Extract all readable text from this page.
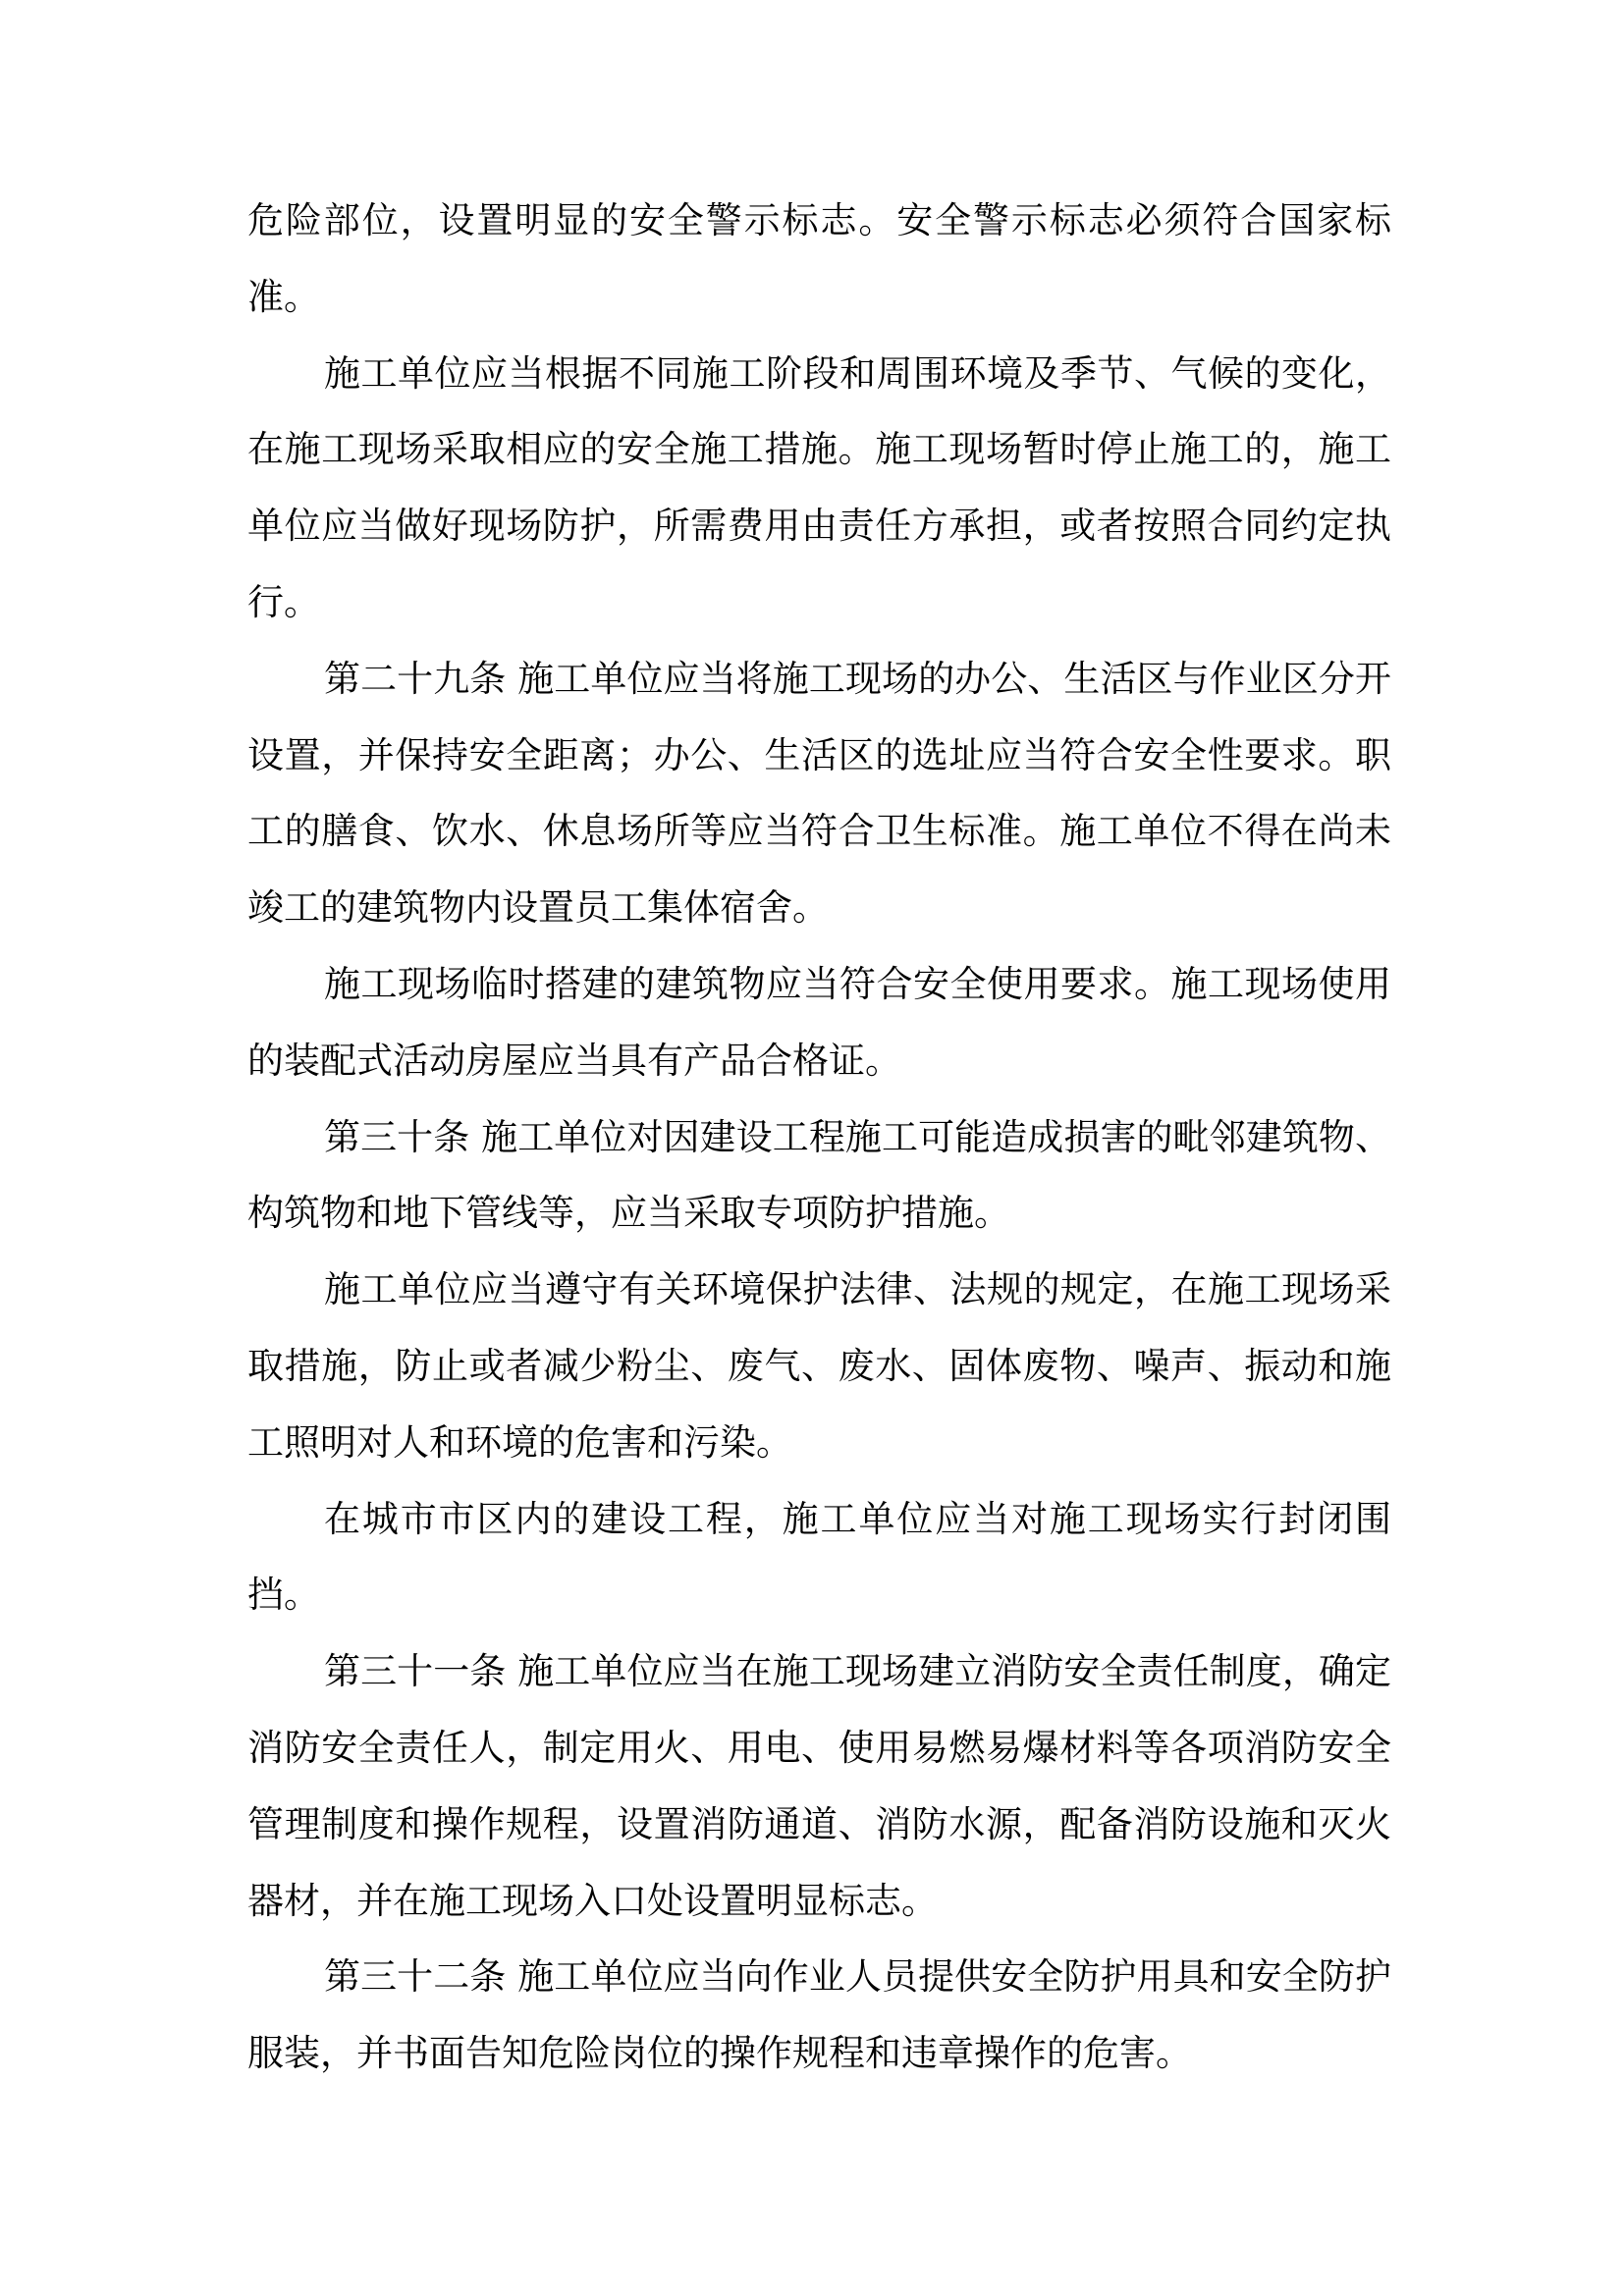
危险部位，设置明显的安全警示标志。安全警示标志必须符合国家标准。

施工单位应当根据不同施工阶段和周围环境及季节、气候的变化，在施工现场采取相应的安全施工措施。施工现场暂时停止施工的，施工单位应当做好现场防护，所需费用由责任方承担，或者按照合同约定执行。

第二十九条 施工单位应当将施工现场的办公、生活区与作业区分开设置，并保持安全距离；办公、生活区的选址应当符合安全性要求。职工的膳食、饮水、休息场所等应当符合卫生标准。施工单位不得在尚未竣工的建筑物内设置员工集体宿舍。

施工现场临时搭建的建筑物应当符合安全使用要求。施工现场使用的装配式活动房屋应当具有产品合格证。

第三十条 施工单位对因建设工程施工可能造成损害的毗邻建筑物、构筑物和地下管线等，应当采取专项防护措施。

施工单位应当遵守有关环境保护法律、法规的规定，在施工现场采取措施，防止或者减少粉尘、废气、废水、固体废物、噪声、振动和施工照明对人和环境的危害和污染。

在城市市区内的建设工程，施工单位应当对施工现场实行封闭围挡。

第三十一条 施工单位应当在施工现场建立消防安全责任制度，确定消防安全责任人，制定用火、用电、使用易燃易爆材料等各项消防安全管理制度和操作规程，设置消防通道、消防水源，配备消防设施和灭火器材，并在施工现场入口处设置明显标志。

第三十二条 施工单位应当向作业人员提供安全防护用具和安全防护服装，并书面告知危险岗位的操作规程和违章操作的危害。
